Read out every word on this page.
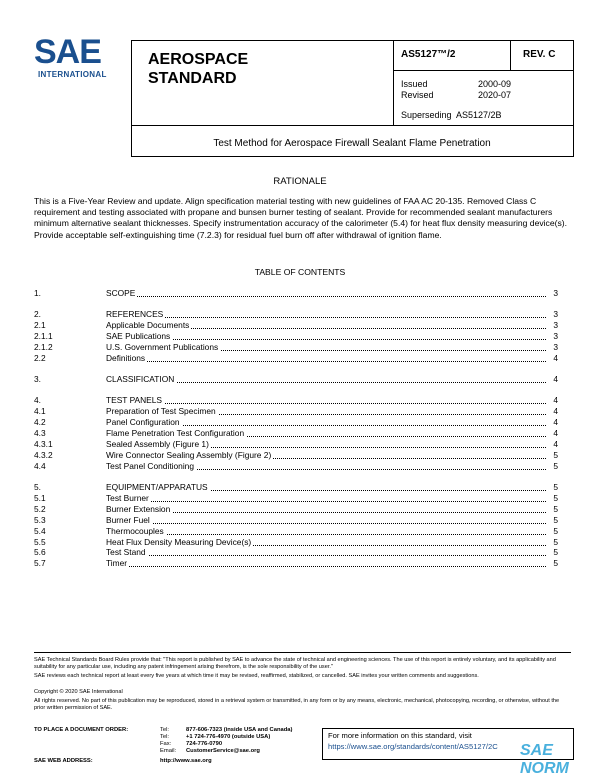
SAE
INTERNATIONAL
AEROSPACE
STANDARD
AS5127™/2	REV. C
Issued	2000-09
Revised	2020-07
Superseding AS5127/2B
Test Method for Aerospace Firewall Sealant Flame Penetration
RATIONALE
This is a Five-Year Review and update. Align specification material testing with new guidelines of FAA AC 20-135. Removed Class C requirement and testing associated with propane and bunsen burner testing of sealant. Provide for recommended sealant manufacturers minimum alternative sealant thicknesses. Specify instrumentation accuracy of the calorimeter (5.4) for heat flux density measuring device(s). Provide acceptable self-extinguishing time (7.2.3) for residual fuel burn off after withdrawal of ignition flame.
TABLE OF CONTENTS
1.	SCOPE	3
2.	REFERENCES	3
2.1	Applicable Documents	3
2.1.1	SAE Publications	3
2.1.2	U.S. Government Publications	3
2.2	Definitions	4
3.	CLASSIFICATION	4
4.	TEST PANELS	4
4.1	Preparation of Test Specimen	4
4.2	Panel Configuration	4
4.3	Flame Penetration Test Configuration	4
4.3.1	Sealed Assembly (Figure 1)	4
4.3.2	Wire Connector Sealing Assembly (Figure 2)	5
4.4	Test Panel Conditioning	5
5.	EQUIPMENT/APPARATUS	5
5.1	Test Burner	5
5.2	Burner Extension	5
5.3	Burner Fuel	5
5.4	Thermocouples	5
5.5	Heat Flux Density Measuring Device(s)	5
5.6	Test Stand	5
5.7	Timer	5
SAE Technical Standards Board Rules provide that: "This report is published by SAE to advance the state of technical and engineering sciences. The use of this report is entirely voluntary, and its applicability and suitability for any particular use, including any patent infringement arising therefrom, is the sole responsibility of the user."
SAE reviews each technical report at least every five years at which time it may be revised, reaffirmed, stabilized, or cancelled. SAE invites your written comments and suggestions.
Copyright © 2020 SAE International
All rights reserved. No part of this publication may be reproduced, stored in a retrieval system or transmitted, in any form or by any means, electronic, mechanical, photocopying, recording, or otherwise, without the prior written permission of SAE.
TO PLACE A DOCUMENT ORDER:	Tel:	877-606-7323 (inside USA and Canada)
Tel:	+1 724-776-4970 (outside USA)
Fax:	724-776-0790
Email: CustomerService@sae.org
SAE WEB ADDRESS:	http://www.sae.org
For more information on this standard, visit
https://www.sae.org/standards/content/AS5127/2C SAE NORM
